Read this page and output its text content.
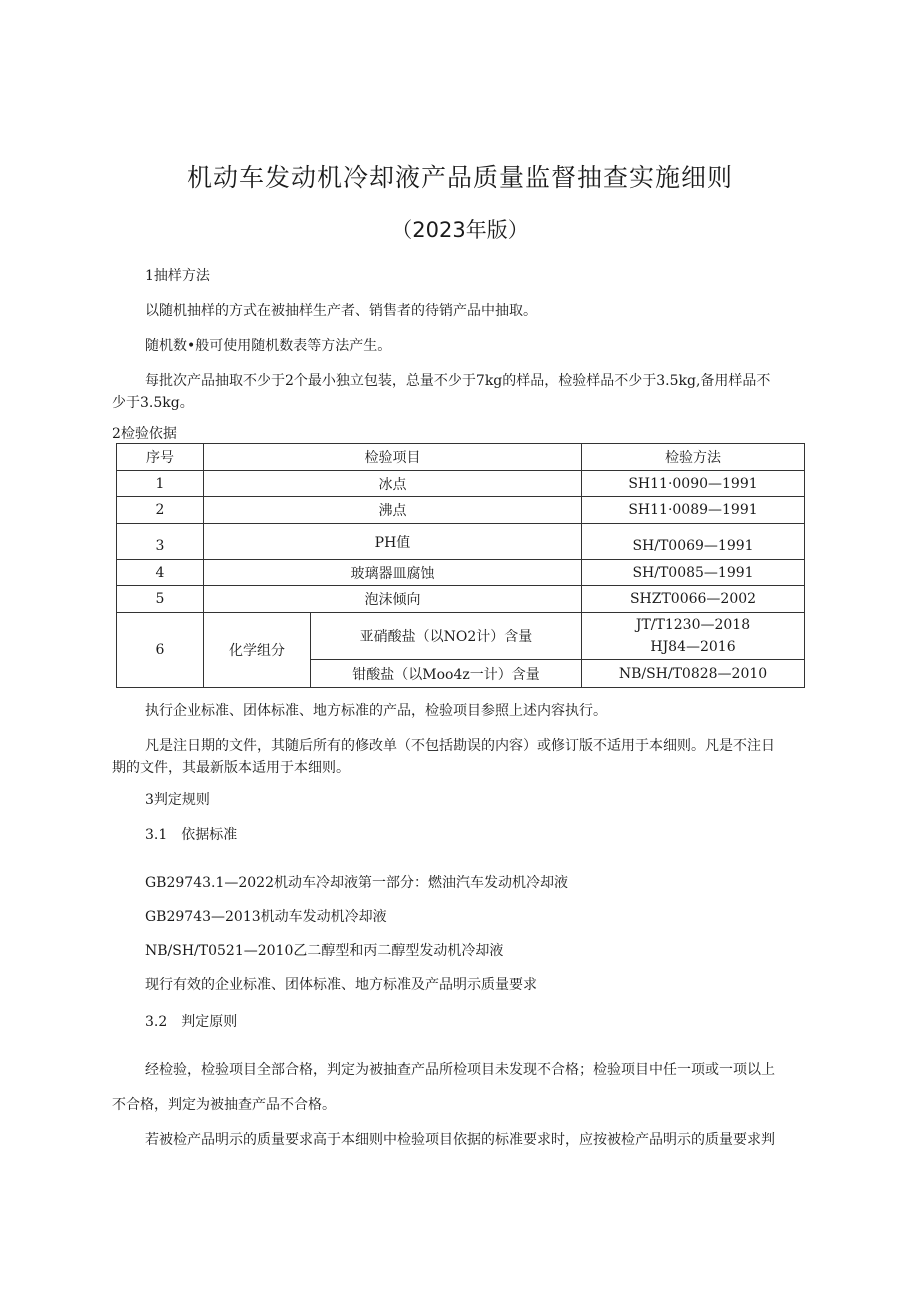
机动车发动机冷却液产品质量监督抽查实施细则
（2023年版）
1抽样方法
以随机抽样的方式在被抽样生产者、销售者的待销产品中抽取。
随机数•般可使用随机数表等方法产生。
每批次产品抽取不少于2个最小独立包装，总量不少于7kg的样品，检验样品不少于3.5kg,备用样品不
少于3.5kg。
2检验依据
序号	检验项目		检验方法
1	冰点		SH11·0090—1991
2	沸点		SH11·0089—1991
3	PH值		SH/T0069—1991
4	玻璃器皿腐蚀		SH/T0085—1991
5	泡沫倾向		SHZT0066—2002
6	化学组分	亚硝酸盐（以NO2计）含量	JT/T1230—2018
HJ84—2016

		钳酸盐（以Moo4z一计）含量	NB/SH/T0828—2010
执行企业标准、团体标准、地方标准的产品，检验项目参照上述内容执行。
凡是注日期的文件，其随后所有的修改单（不包括勘误的内容）或修订版不适用于本细则。凡是不注日
期的文件，其最新版本适用于本细则。
3判定规则
3.1　依据标准
GB29743.1—2022机动车冷却液第一部分：燃油汽车发动机冷却液
GB29743—2013机动车发动机冷却液
NB/SH/T0521—2010乙二醇型和丙二醇型发动机冷却液
现行有效的企业标准、团体标准、地方标准及产品明示质量要求
3.2　判定原则
经检验，检验项目全部合格，判定为被抽查产品所检项目未发现不合格；检验项目中任一项或一项以上
不合格，判定为被抽查产品不合格。
若被检产品明示的质量要求高于本细则中检验项目依据的标准要求时，应按被检产品明示的质量要求判
